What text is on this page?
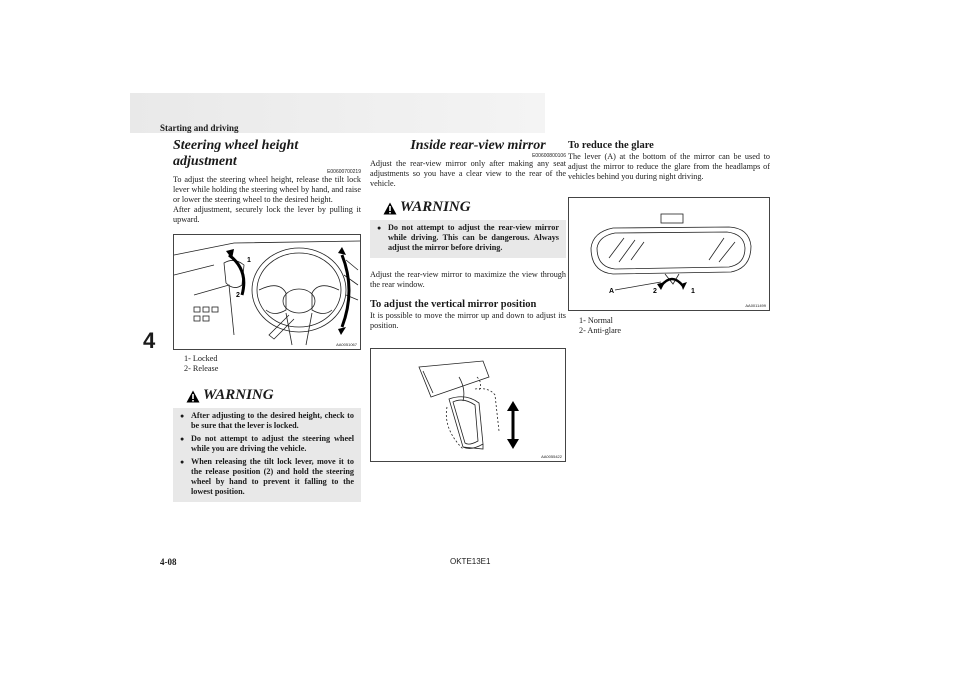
Starting and driving
4
Steering wheel height adjustment
E00600700219

To adjust the steering wheel height, release the tilt lock lever while holding the steering wheel by hand, and raise or lower the steering wheel to the desired height.

After adjustment, securely lock the lever by pulling it upward.

1
2
AA0051067
1- Locked
2- Release
WARNING
● After adjusting to the desired height, check to be sure that the lever is locked.
● Do not attempt to adjust the steering wheel while you are driving the vehicle.
● When releasing the tilt lock lever, move it to the release position (2) and hold the steering wheel by hand to prevent it falling to the lowest position.
Inside rear-view mirror
E00600800106

Adjust the rear-view mirror only after making any seat adjustments so you have a clear view to the rear of the vehicle.

WARNING
● Do not attempt to adjust the rear-view mirror while driving. This can be dangerous. Always adjust the mirror before driving.

Adjust the rear-view mirror to maximize the view through the rear window.

To adjust the vertical mirror position

It is possible to move the mirror up and down to adjust its position.

AA0055422
To reduce the glare

The lever (A) at the bottom of the mirror can be used to adjust the mirror to reduce the glare from the headlamps of vehicles behind you during night driving.

A	2	1
AA0011499
1- Normal
2- Anti-glare
4-08	OKTE13E1
